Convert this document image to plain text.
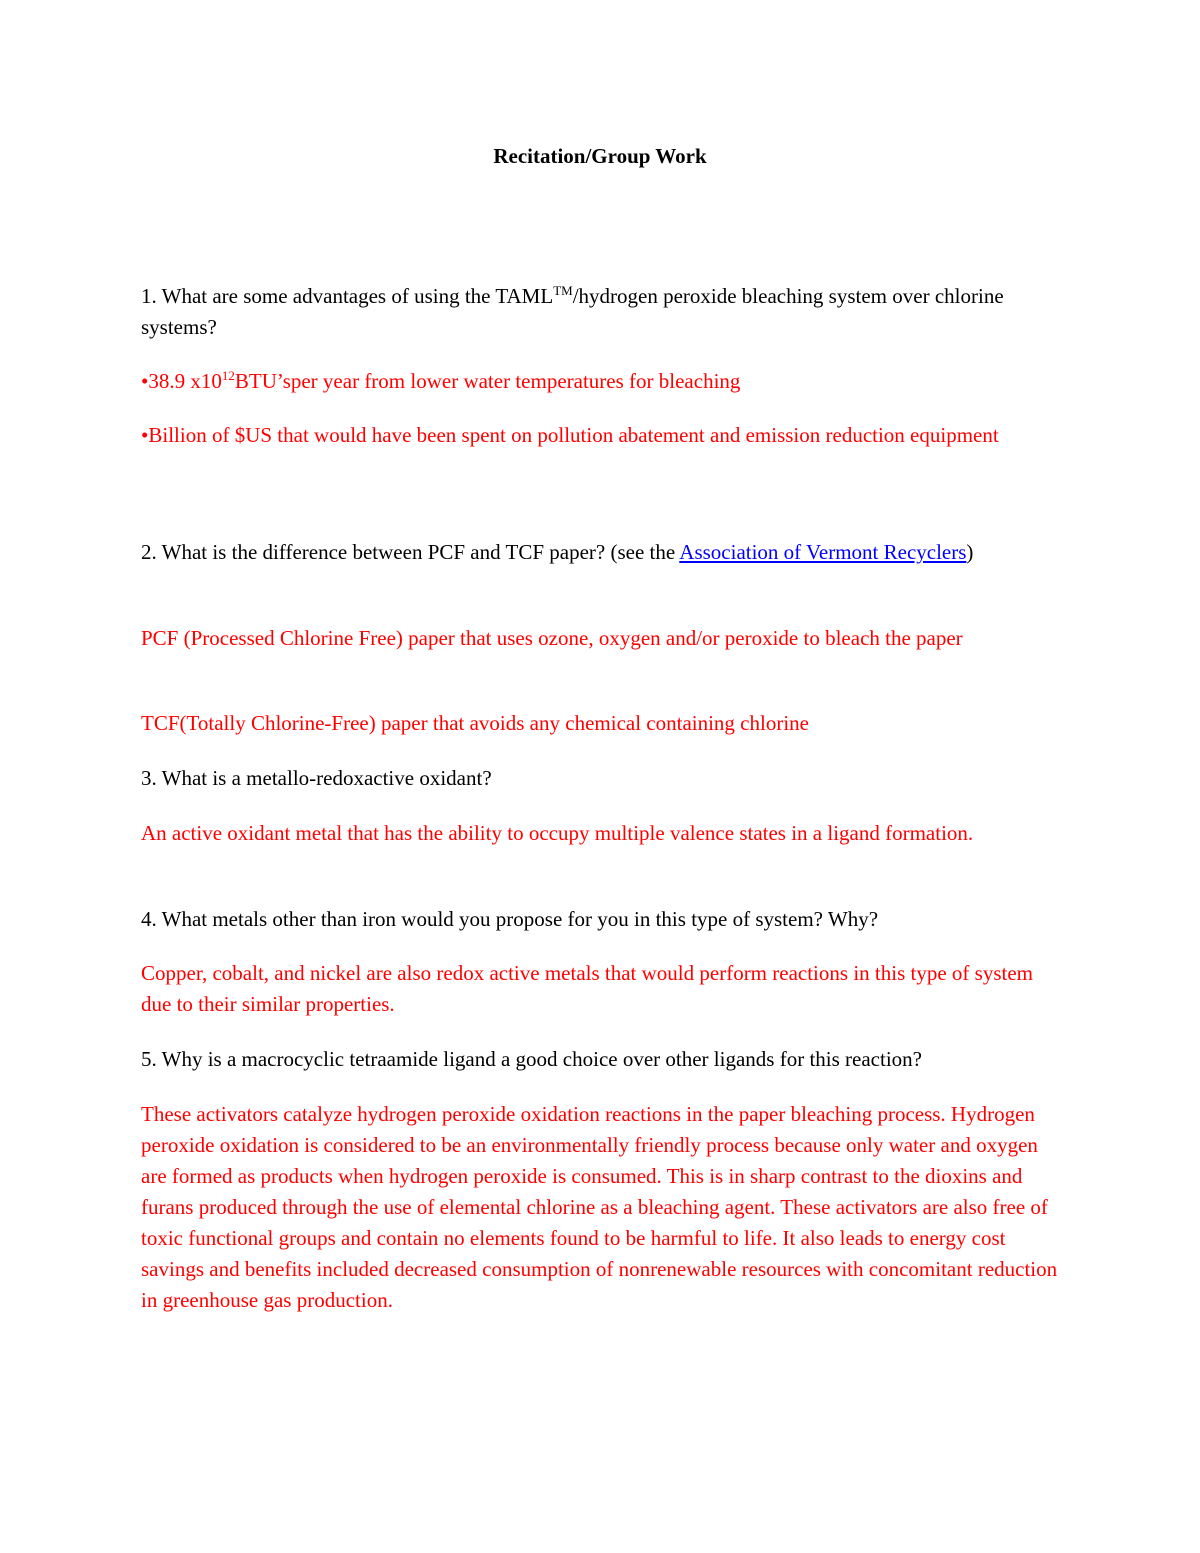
Recitation/Group Work

1. What are some advantages of using the TAML™/hydrogen peroxide bleaching system over chlorine systems?

•38.9 $x10^{12}BTU’sper$ year from lower water temperatures for bleaching

•Billion of $US that would have been spent on pollution abatement and emission reduction equipment

2. What is the difference between PCF and TCF paper? (see the Association of Vermont Recyclers)

PCF (Processed Chlorine Free) paper that uses ozone, oxygen and/or peroxide to bleach the paper

TCF(Totally Chlorine-Free) paper that avoids any chemical containing chlorine

3. What is a metallo-redoxactive oxidant?

An active oxidant metal that has the ability to occupy multiple valence states in a ligand formation.

4. What metals other than iron would you propose for you in this type of system? Why?

Copper, cobalt, and nickel are also redox active metals that would perform reactions in this type of system due to their similar properties.

5. Why is a macrocyclic tetraamide ligand a good choice over other ligands for this reaction?

These activators catalyze hydrogen peroxide oxidation reactions in the paper bleaching process. Hydrogen peroxide oxidation is considered to be an environmentally friendly process because only water and oxygen are formed as products when hydrogen peroxide is consumed. This is in sharp contrast to the dioxins and furans produced through the use of elemental chlorine as a bleaching agent. These activators are also free of toxic functional groups and contain no elements found to be harmful to life. It also leads to energy cost savings and benefits included decreased consumption of nonrenewable resources with concomitant reduction in greenhouse gas production.
